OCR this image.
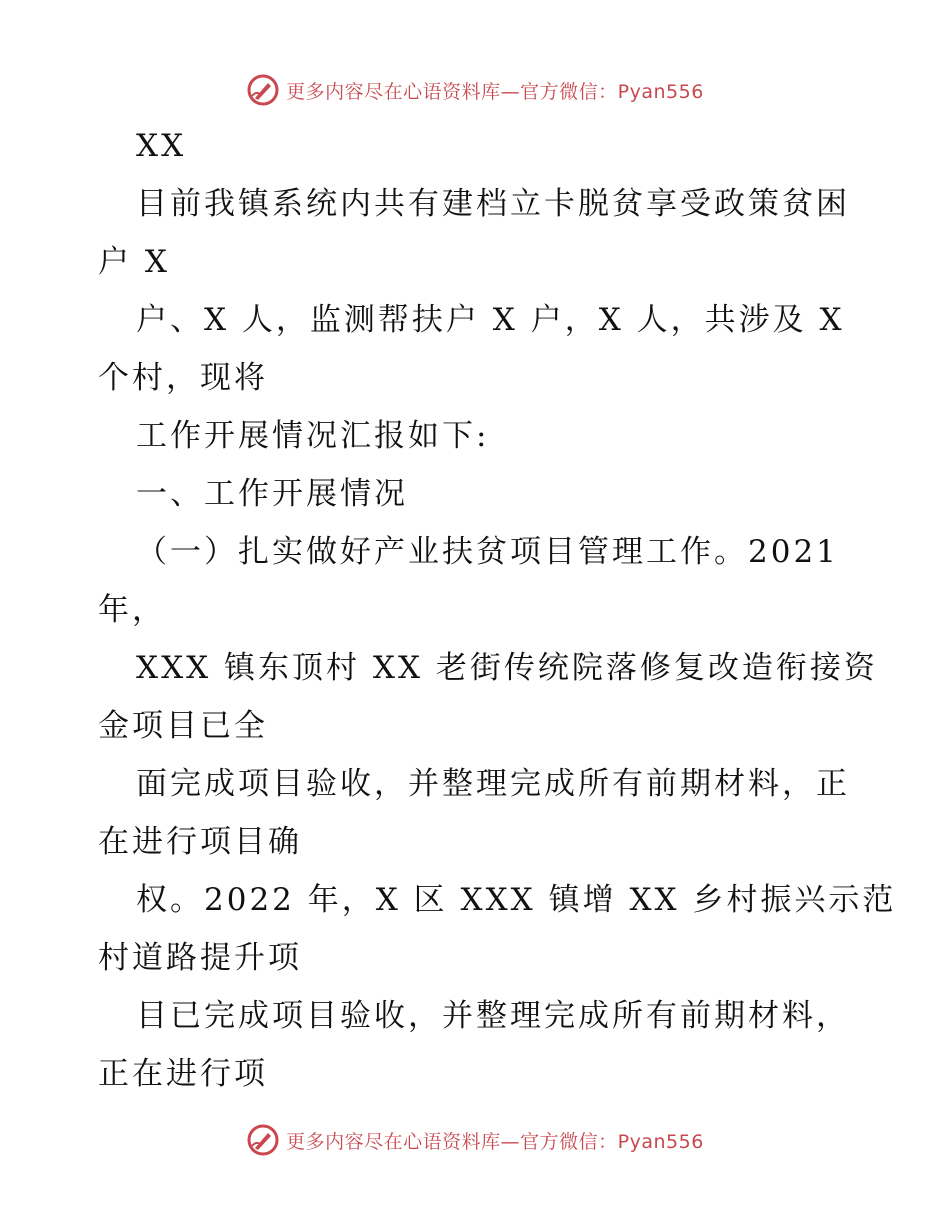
更多内容尽在心语资料库—官方微信：Pyan556
XX
目前我镇系统内共有建档立卡脱贫享受政策贫困
户 X
户、X 人，监测帮扶户 X 户，X 人，共涉及 X
个村，现将
工作开展情况汇报如下:
一、工作开展情况
（一）扎实做好产业扶贫项目管理工作。2021
年，
XXX 镇东顶村 XX 老街传统院落修复改造衔接资
金项目已全
面完成项目验收，并整理完成所有前期材料，正
在进行项目确
权。2022 年，X 区 XXX 镇增 XX 乡村振兴示范
村道路提升项
目已完成项目验收，并整理完成所有前期材料，
正在进行项
更多内容尽在心语资料库—官方微信：Pyan556
